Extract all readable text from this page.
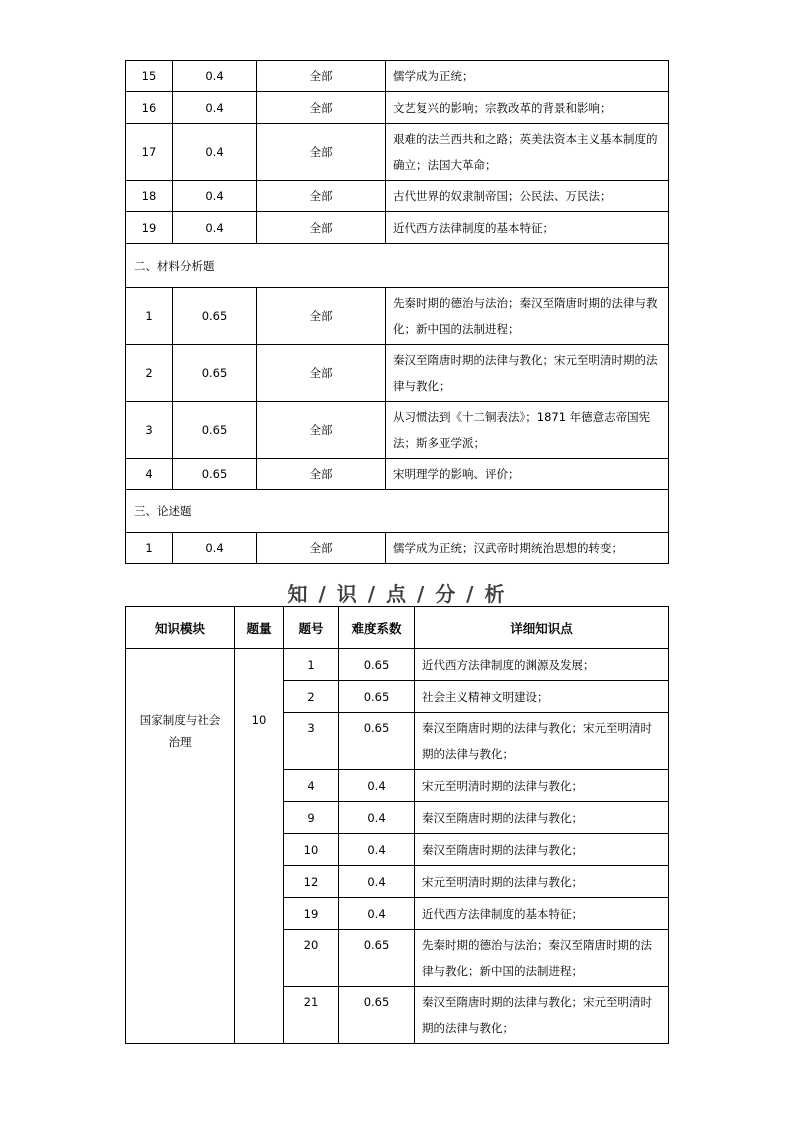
15	0.4	全部	儒学成为正统；
16	0.4	全部	文艺复兴的影响；宗教改革的背景和影响；
17	0.4	全部	艰难的法兰西共和之路；英美法资本主义基本制度的确立；法国大革命；
18	0.4	全部	古代世界的奴隶制帝国；公民法、万民法；
19	0.4	全部	近代西方法律制度的基本特征；
二、材料分析题			
1	0.65	全部	先秦时期的德治与法治；秦汉至隋唐时期的法律与教化；新中国的法制进程；
2	0.65	全部	秦汉至隋唐时期的法律与教化；宋元至明清时期的法律与教化；
3	0.65	全部	从习惯法到《十二铜表法》；1871 年德意志帝国宪法；斯多亚学派；
4	0.65	全部	宋明理学的影响、评价；
三、论述题			
1	0.4	全部	儒学成为正统；汉武帝时期统治思想的转变；
知 / 识 / 点 / 分 / 析
知识模块	题量	题号	难度系数	详细知识点
国家制度与社会治理	10	1	0.65	近代西方法律制度的渊源及发展；
		2	0.65	社会主义精神文明建设；
		3	0.65	秦汉至隋唐时期的法律与教化；宋元至明清时期的法律与教化；
		4	0.4	宋元至明清时期的法律与教化；
		9	0.4	秦汉至隋唐时期的法律与教化；
		10	0.4	秦汉至隋唐时期的法律与教化；
		12	0.4	宋元至明清时期的法律与教化；
		19	0.4	近代西方法律制度的基本特征；
		20	0.65	先秦时期的德治与法治；秦汉至隋唐时期的法律与教化；新中国的法制进程；
		21	0.65	秦汉至隋唐时期的法律与教化；宋元至明清时期的法律与教化；
